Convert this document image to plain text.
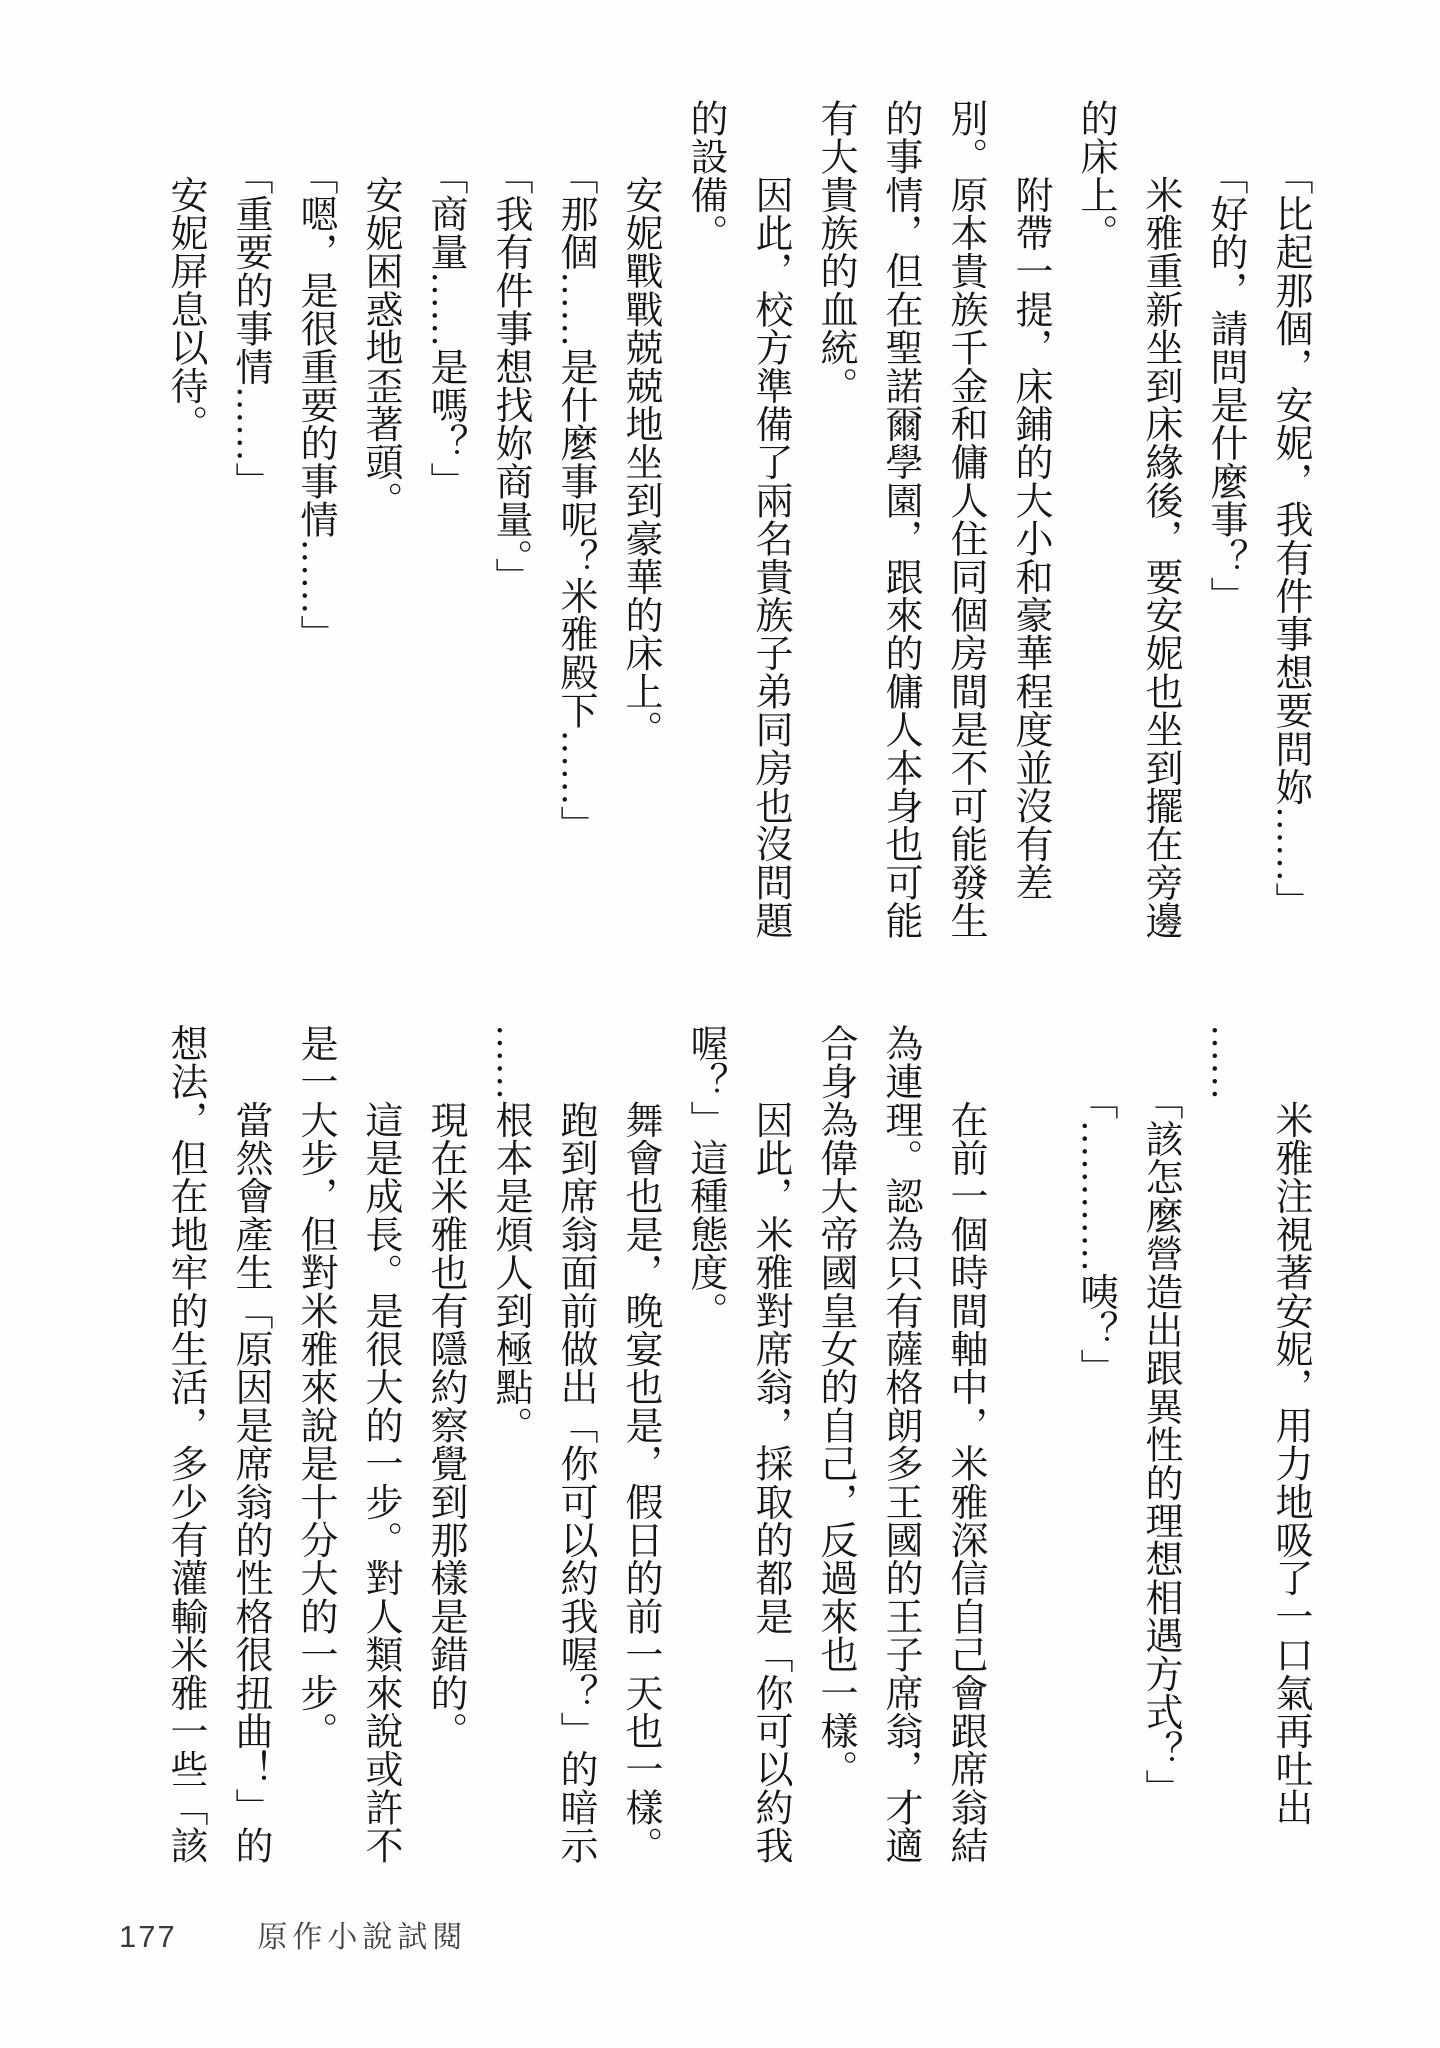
　　「比起那個，安妮，我有件事想要問妳……」
　　「好的，請問是什麼事？」
　　米雅重新坐到床緣後，要安妮也坐到擺在旁邊
的床上。
　　附帶一提，床鋪的大小和豪華程度並沒有差
別。原本貴族千金和傭人住同個房間是不可能發生
的事情，但在聖諾爾學園，跟來的傭人本身也可能
有大貴族的血統。
　　因此，校方準備了兩名貴族子弟同房也沒問題
的設備。
　　安妮戰戰兢兢地坐到豪華的床上。
　　「那個……是什麼事呢？米雅殿下……」
　　「我有件事想找妳商量。」
　　「商量……是嗎？」
　　安妮困惑地歪著頭。
　　「嗯，是很重要的事情……」
　　「重要的事情……」
　　安妮屏息以待。
　　米雅注視著安妮，用力地吸了一口氣再吐出
……
　　「該怎麼營造出跟異性的理想相遇方式？」
　　「…………咦？」
　　在前一個時間軸中，米雅深信自己會跟席翁結
為連理。認為只有薩格朗多王國的王子席翁，才適
合身為偉大帝國皇女的自己，反過來也一樣。
　　因此，米雅對席翁，採取的都是「你可以約我
喔？」這種態度。
　　舞會也是，晚宴也是，假日的前一天也一樣。
　　跑到席翁面前做出「你可以約我喔？」的暗示
……根本是煩人到極點。
　　現在米雅也有隱約察覺到那樣是錯的。
　　這是成長。是很大的一步。對人類來說或許不
是一大步，但對米雅來說是十分大的一步。
　　當然會產生「原因是席翁的性格很扭曲！」的
想法，但在地牢的生活，多少有灌輸米雅一些「該
177	原作小說試閱
